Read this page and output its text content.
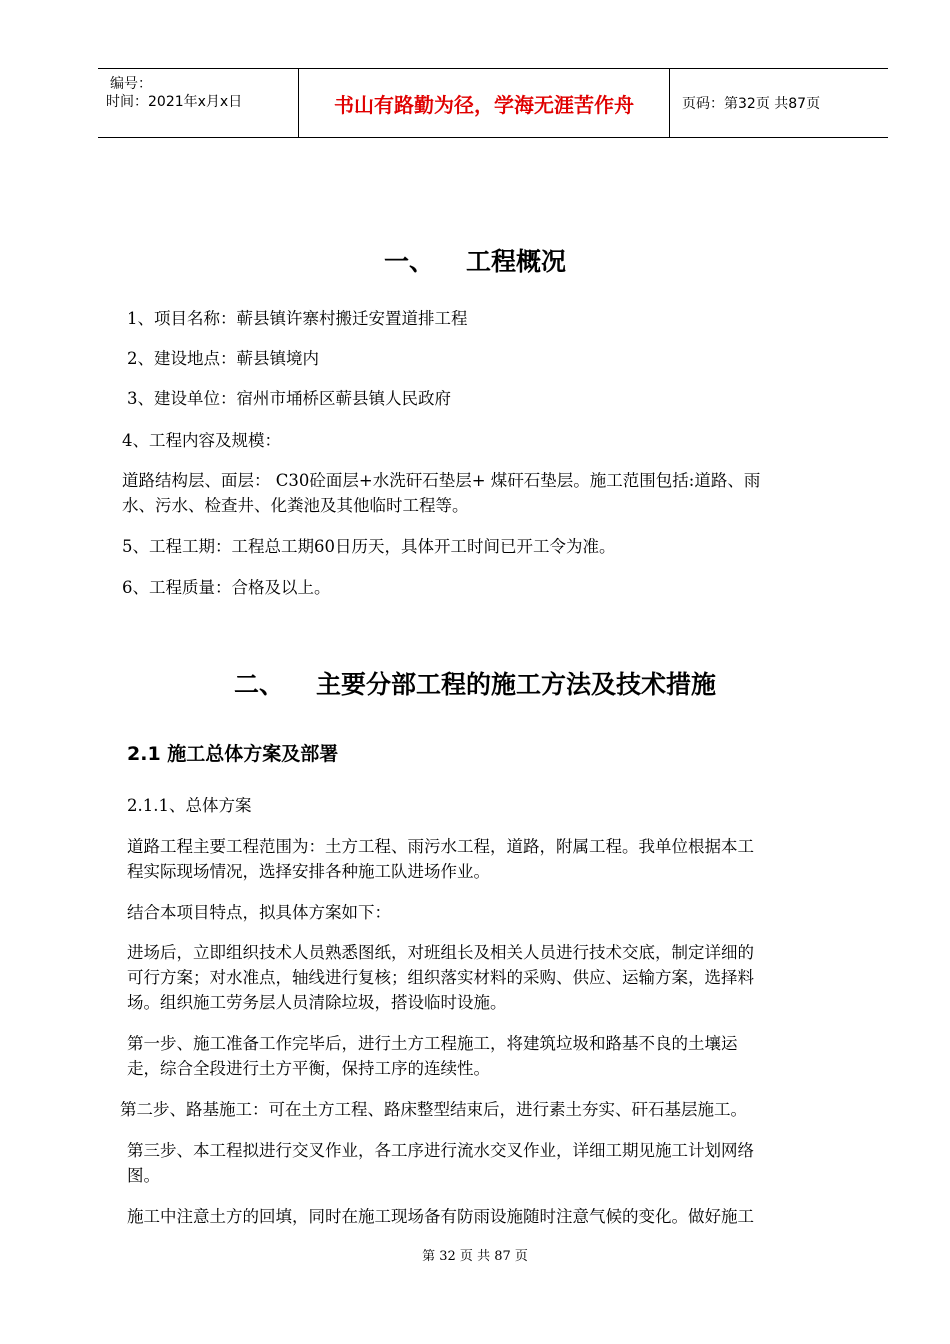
编号：
时间：2021年x月x日	书山有路勤为径，学海无涯苦作舟	页码：第32页 共87页
一、 工程概况
1、项目名称：蕲县镇许寨村搬迁安置道排工程
2、建设地点：蕲县镇境内
3、建设单位：宿州市埇桥区蕲县镇人民政府
4、工程内容及规模：
道路结构层、面层： C30砼面层+水洗矸石垫层+ 煤矸石垫层。施工范围包括:道路、雨
水、污水、检查井、化粪池及其他临时工程等。
5、工程工期：工程总工期60日历天，具体开工时间已开工令为准。
6、工程质量：合格及以上。
二、 主要分部工程的施工方法及技术措施
2.1 施工总体方案及部署
2.1.1、总体方案
道路工程主要工程范围为：土方工程、雨污水工程，道路，附属工程。我单位根据本工
程实际现场情况，选择安排各种施工队进场作业。
结合本项目特点，拟具体方案如下：
进场后，立即组织技术人员熟悉图纸，对班组长及相关人员进行技术交底，制定详细的
可行方案；对水准点，轴线进行复核；组织落实材料的采购、供应、运输方案，选择料
场。组织施工劳务层人员清除垃圾，搭设临时设施。
第一步、施工准备工作完毕后，进行土方工程施工，将建筑垃圾和路基不良的土壤运
走，综合全段进行土方平衡，保持工序的连续性。
第二步、路基施工：可在土方工程、路床整型结束后，进行素土夯实、矸石基层施工。
第三步、本工程拟进行交叉作业，各工序进行流水交叉作业，详细工期见施工计划网络
图。
施工中注意土方的回填，同时在施工现场备有防雨设施随时注意气候的变化。做好施工
第 32 页 共 87 页
